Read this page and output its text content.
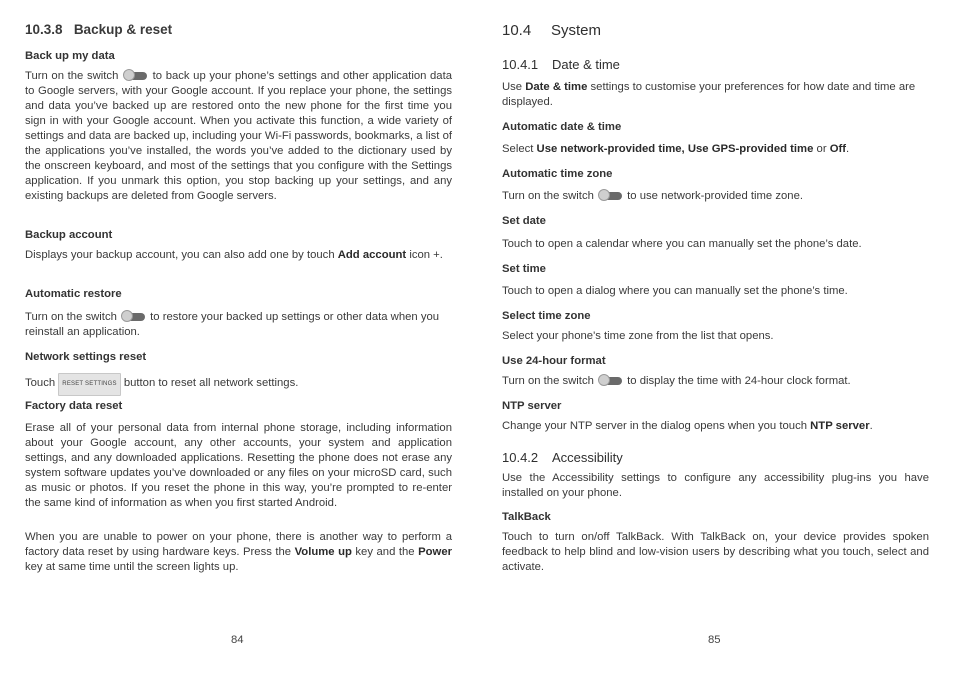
10.3.8 Backup & reset
Back up my data

Turn on the switch	to back up your phone’s settings and other application data to Google servers, with your Google account. If you replace your phone, the settings and data you’ve backed up are restored onto the new phone for the first time you sign in with your Google account. When you activate this function, a wide variety of settings and data are backed up, including your Wi-Fi passwords, bookmarks, a list of the applications you’ve installed, the words you’ve added to the dictionary used by the onscreen keyboard, and most of the settings that you configure with the Settings application. If you unmark this option, you stop backing up your settings, and any existing backups are deleted from Google servers.

Backup account

Displays your backup account, you can also add one by touch Add account icon +.

Automatic restore

Turn on the switch	to restore your backed up settings or other data when you reinstall an application.

Network settings reset

Touch RESET SETTINGS button to reset all network settings.

Factory data reset

Erase all of your personal data from internal phone storage, including information about your Google account, any other accounts, your system and application settings, and any downloaded applications. Resetting the phone does not erase any system software updates you’ve downloaded or any files on your microSD card, such as music or photos. If you reset the phone in this way, you’re prompted to re-enter the same kind of information as when you first started Android.

When you are unable to power on your phone, there is another way to perform a factory data reset by using hardware keys. Press the Volume up key and the Power key at same time until the screen lights up.

84
10.4 System
10.4.1 Date & time

Use Date & time settings to customise your preferences for how date and time are displayed.

Automatic date & time

Select Use network-provided time, Use GPS-provided time or Off.

Automatic time zone

Turn on the switch	to use network-provided time zone.

Set date

Touch to open a calendar where you can manually set the phone’s date.

Set time

Touch to open a dialog where you can manually set the phone’s time.

Select time zone

Select your phone's time zone from the list that opens.

Use 24-hour format

Turn on the switch	to display the time with 24-hour clock format.

NTP server

Change your NTP server in the dialog opens when you touch NTP server.

10.4.2 Accessibility

Use the Accessibility settings to configure any accessibility plug-ins you have installed on your phone.

TalkBack

Touch to turn on/off TalkBack. With TalkBack on, your device provides spoken feedback to help blind and low-vision users by describing what you touch, select and activate.

85
